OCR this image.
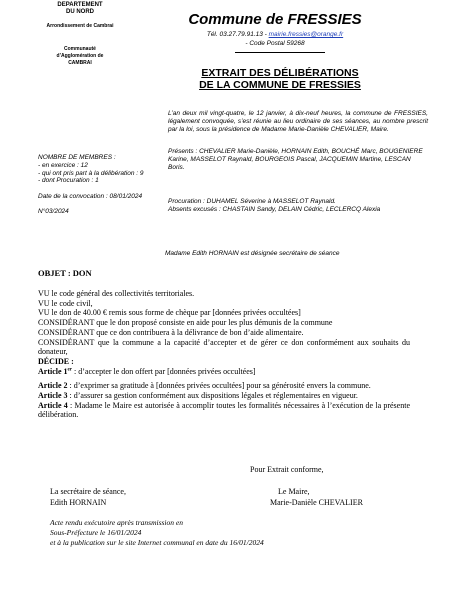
DEPARTEMENT
DU NORD
Arrondissement de Cambrai
Communauté
d’Agglomération de
CAMBRAI
Commune de FRESSIES
Tél. 03.27.79.91.13 - mairie.fressies@orange.fr
- Code Postal 59268
EXTRAIT DES DÉLIBÉRATIONS
DE LA COMMUNE DE FRESSIES
L’an deux mil vingt-quatre, le 12 janvier, à dix-neuf heures, la commune de FRESSIES, légalement convoquée, s’est réunie au lieu ordinaire de ses séances, au nombre prescrit par la loi, sous la présidence de Madame Marie-Danièle CHEVALIER, Maire.
Présents : CHEVALIER Marie-Danièle, HORNAIN Edith, BOUCHÉ Marc, BOUGENIERE Karine, MASSELOT Raynald, BOURGEOIS Pascal, JACQUEMIN Martine, LESCAN Boris.
Procuration : DUHAMEL Séverine à MASSELOT Raynald.
Absents excusés : CHASTAIN Sandy, DELAIN Cédric, LECLERCQ Alexia
NOMBRE DE MEMBRES :
- en exercice : 12
- qui ont pris part à la délibération : 9
- dont Procuration : 1
Date de la convocation : 08/01/2024
N°03/2024
Madame Edith HORNAIN est désignée secrétaire de séance
OBJET : DON

VU le code général des collectivités territoriales.

VU le code civil,

VU le don de 40.00 € remis sous forme de chèque par [données privées occultées]

CONSIDÉRANT que le don proposé consiste en aide pour les plus démunis de la commune

CONSIDÉRANT que ce don contribuera à la délivrance de bon d’aide alimentaire.

CONSIDÉRANT que la commune a la capacité d’accepter et de gérer ce don conformément aux souhaits du donateur,

DÉCIDE :

Article 1er : d’accepter le don offert par [données privées occultées]

Article 2 : d’exprimer sa gratitude à [données privées occultées] pour sa générosité envers la commune.

Article 3 : d’assurer sa gestion conformément aux dispositions légales et réglementaires en vigueur.

Article 4 : Madame le Maire est autorisée à accomplir toutes les formalités nécessaires à l’exécution de la présente délibération.

Pour Extrait conforme,
La secrétaire de séance,
Edith HORNAIN
Le Maire,
Marie-Danièle CHEVALIER
Acte rendu exécutoire après transmission en
Sous-Préfecture le 16/01/2024
et à la publication sur le site Internet communal en date du 16/01/2024
